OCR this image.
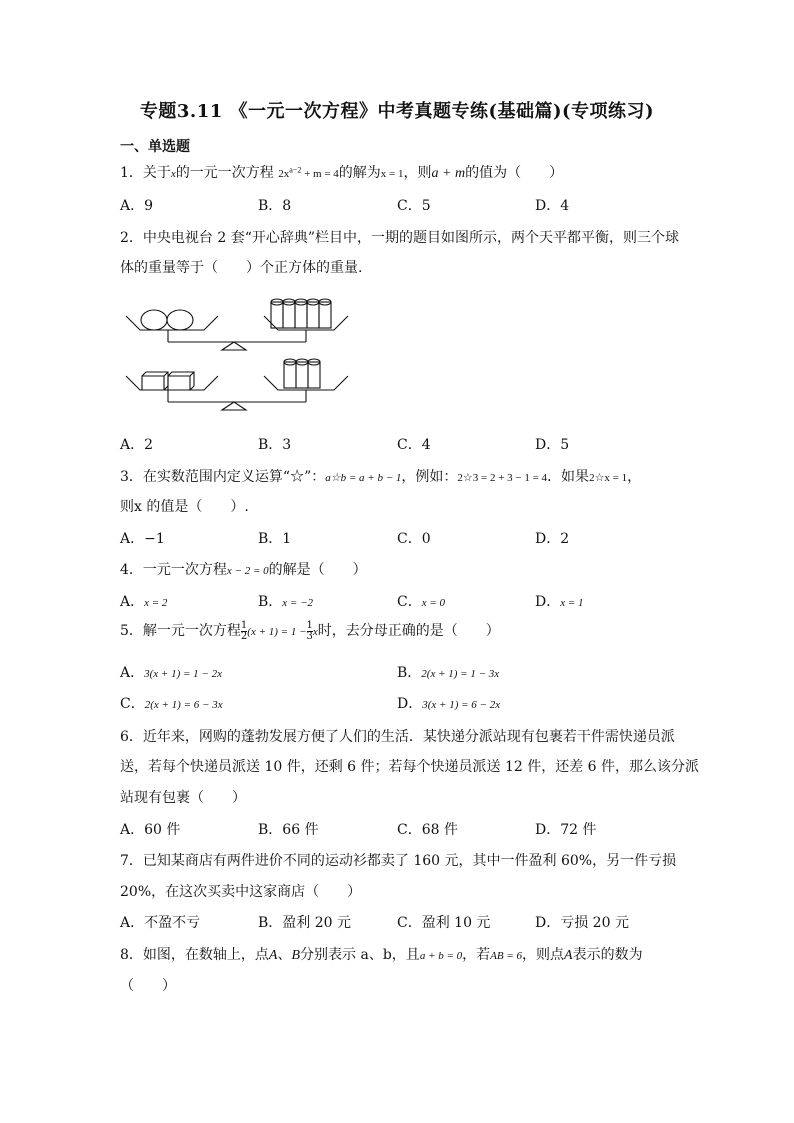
专题3.11 《一元一次方程》中考真题专练(基础篇)(专项练习)
一、单选题
1．关于x的一元一次方程 $2x^{a-2} + m = 4$的解为x = 1，则a + m的值为（　　）
A．9	B．8	C．5	D．4
2．中央电视台 2 套“开心辞典”栏目中，一期的题目如图所示，两个天平都平衡，则三个球
体的重量等于（　　）个正方体的重量.
A．2	B．3	C．4	D．5
3．在实数范围内定义运算“☆”：a☆b = a + b − 1，例如：2☆3 = 2 + 3 − 1 = 4．如果2☆x = 1，
则x 的值是（　　）.
A．−1	B．1	C．0	D．2
4．一元一次方程x − 2 = 0的解是（　　）
A．x = 2	B．x = −2	C．x = 0	D．x = 1
5．解一元一次方程 $\frac{1}{2} (x + 1) = 1 - \frac{1}{3}$ x时，去分母正确的是（　　）
A．3(x + 1) = 1 − 2x	B．2(x + 1) = 1 − 3x
C．2(x + 1) = 6 − 3x	D．3(x + 1) = 6 − 2x
6．近年来，网购的蓬勃发展方便了人们的生活．某快递分派站现有包裹若干件需快递员派
送，若每个快递员派送 10 件，还剩 6 件；若每个快递员派送 12 件，还差 6 件，那么该分派
站现有包裹（　　）
A．60 件	B．66 件	C．68 件	D．72 件
7．已知某商店有两件进价不同的运动衫都卖了 160 元，其中一件盈利 60%，另一件亏损
20%，在这次买卖中这家商店（　　）
A．不盈不亏	B．盈利 20 元	C．盈利 10 元	D．亏损 20 元
8．如图，在数轴上，点A、B分别表示 a、b，且a + b = 0，若AB = 6，则点A表示的数为
（　　）
